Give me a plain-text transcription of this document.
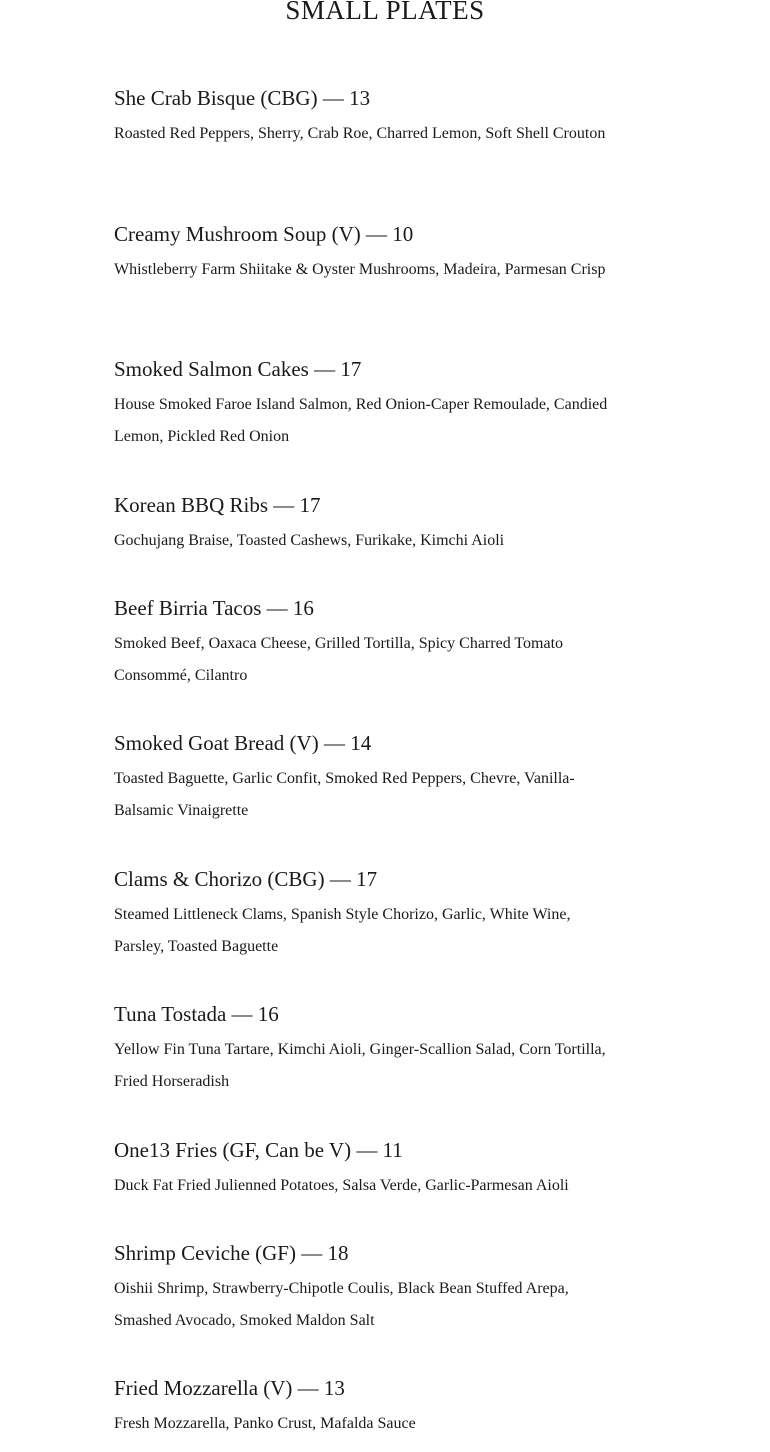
SMALL PLATES
She Crab Bisque (CBG) — 13

Roasted Red Peppers, Sherry, Crab Roe, Charred Lemon, Soft Shell Crouton

Creamy Mushroom Soup (V) — 10

Whistleberry Farm Shiitake & Oyster Mushrooms, Madeira, Parmesan Crisp

Smoked Salmon Cakes — 17

House Smoked Faroe Island Salmon, Red Onion-Caper Remoulade, Candied Lemon, Pickled Red Onion

Korean BBQ Ribs — 17

Gochujang Braise, Toasted Cashews, Furikake, Kimchi Aioli

Beef Birria Tacos — 16

Smoked Beef, Oaxaca Cheese, Grilled Tortilla, Spicy Charred Tomato Consommé, Cilantro

Smoked Goat Bread (V) — 14

Toasted Baguette, Garlic Confit, Smoked Red Peppers, Chevre, Vanilla-Balsamic Vinaigrette

Clams & Chorizo (CBG) — 17

Steamed Littleneck Clams, Spanish Style Chorizo, Garlic, White Wine, Parsley, Toasted Baguette

Tuna Tostada — 16

Yellow Fin Tuna Tartare, Kimchi Aioli, Ginger-Scallion Salad, Corn Tortilla, Fried Horseradish

One13 Fries (GF, Can be V) — 11

Duck Fat Fried Julienned Potatoes, Salsa Verde, Garlic-Parmesan Aioli

Shrimp Ceviche (GF) — 18

Oishii Shrimp, Strawberry-Chipotle Coulis, Black Bean Stuffed Arepa, Smashed Avocado, Smoked Maldon Salt

Fried Mozzarella (V) — 13

Fresh Mozzarella, Panko Crust, Mafalda Sauce
